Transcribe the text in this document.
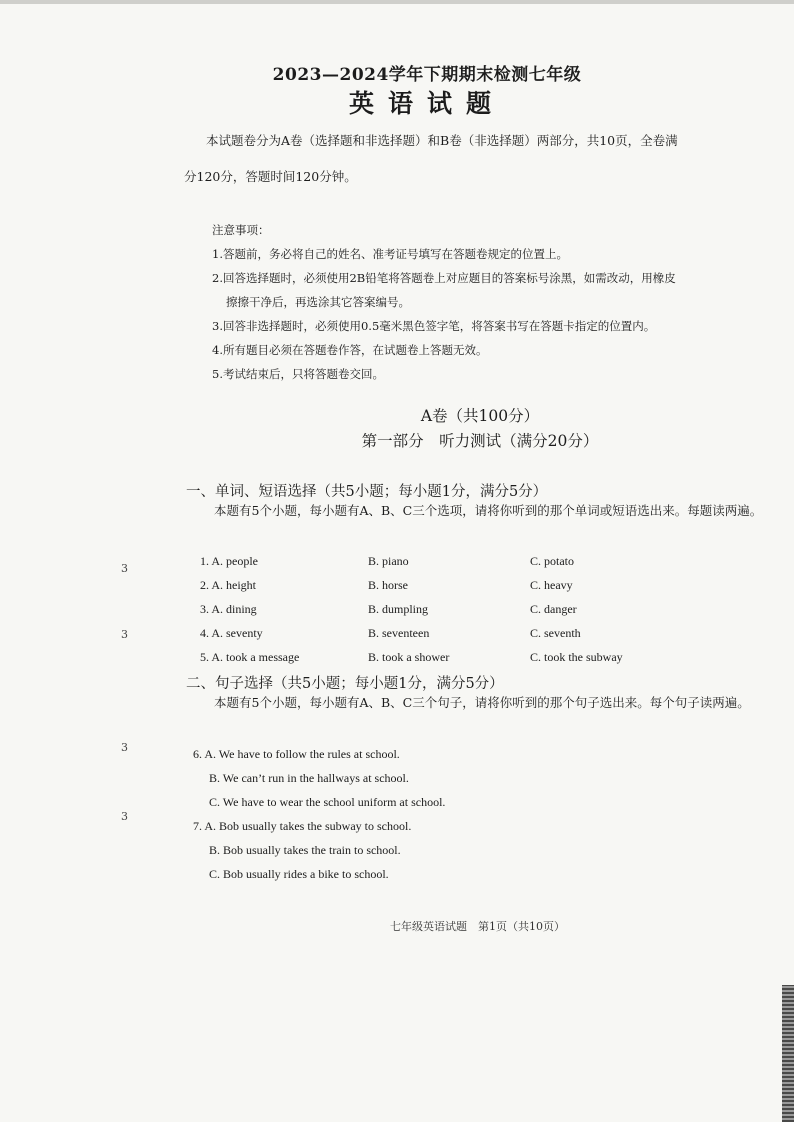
3
3
3
3
2023—2024学年下期期末检测七年级
英语试题
本试题卷分为A卷（选择题和非选择题）和B卷（非选择题）两部分，共10页，全卷满
分120分，答题时间120分钟。
注意事项：
1.答题前，务必将自己的姓名、准考证号填写在答题卷规定的位置上。
2.回答选择题时，必须使用2B铅笔将答题卷上对应题目的答案标号涂黑，如需改动，用橡皮
擦擦干净后，再选涂其它答案编号。
3.回答非选择题时，必须使用0.5毫米黑色签字笔，将答案书写在答题卡指定的位置内。
4.所有题目必须在答题卷作答，在试题卷上答题无效。
5.考试结束后，只将答题卷交回。
A卷（共100分）
第一部分　听力测试（满分20分）
一、单词、短语选择（共5小题；每小题1分，满分5分）
本题有5个小题，每小题有A、B、C三个选项，请将你听到的那个单词或短语选出来。每题读两遍。
1. A. people	B. piano	C. potato
2. A. height	B. horse	C. heavy
3. A. dining	B. dumpling	C. danger
4. A. seventy	B. seventeen	C. seventh
5. A. took a message	B. took a shower	C. took the subway
二、句子选择（共5小题；每小题1分，满分5分）
本题有5个小题，每小题有A、B、C三个句子，请将你听到的那个句子选出来。每个句子读两遍。
6. A. We have to follow the rules at school.
B. We can’t run in the hallways at school.
C. We have to wear the school uniform at school.
7. A. Bob usually takes the subway to school.
B. Bob usually takes the train to school.
C. Bob usually rides a bike to school.
七年级英语试题　第1页（共10页）
